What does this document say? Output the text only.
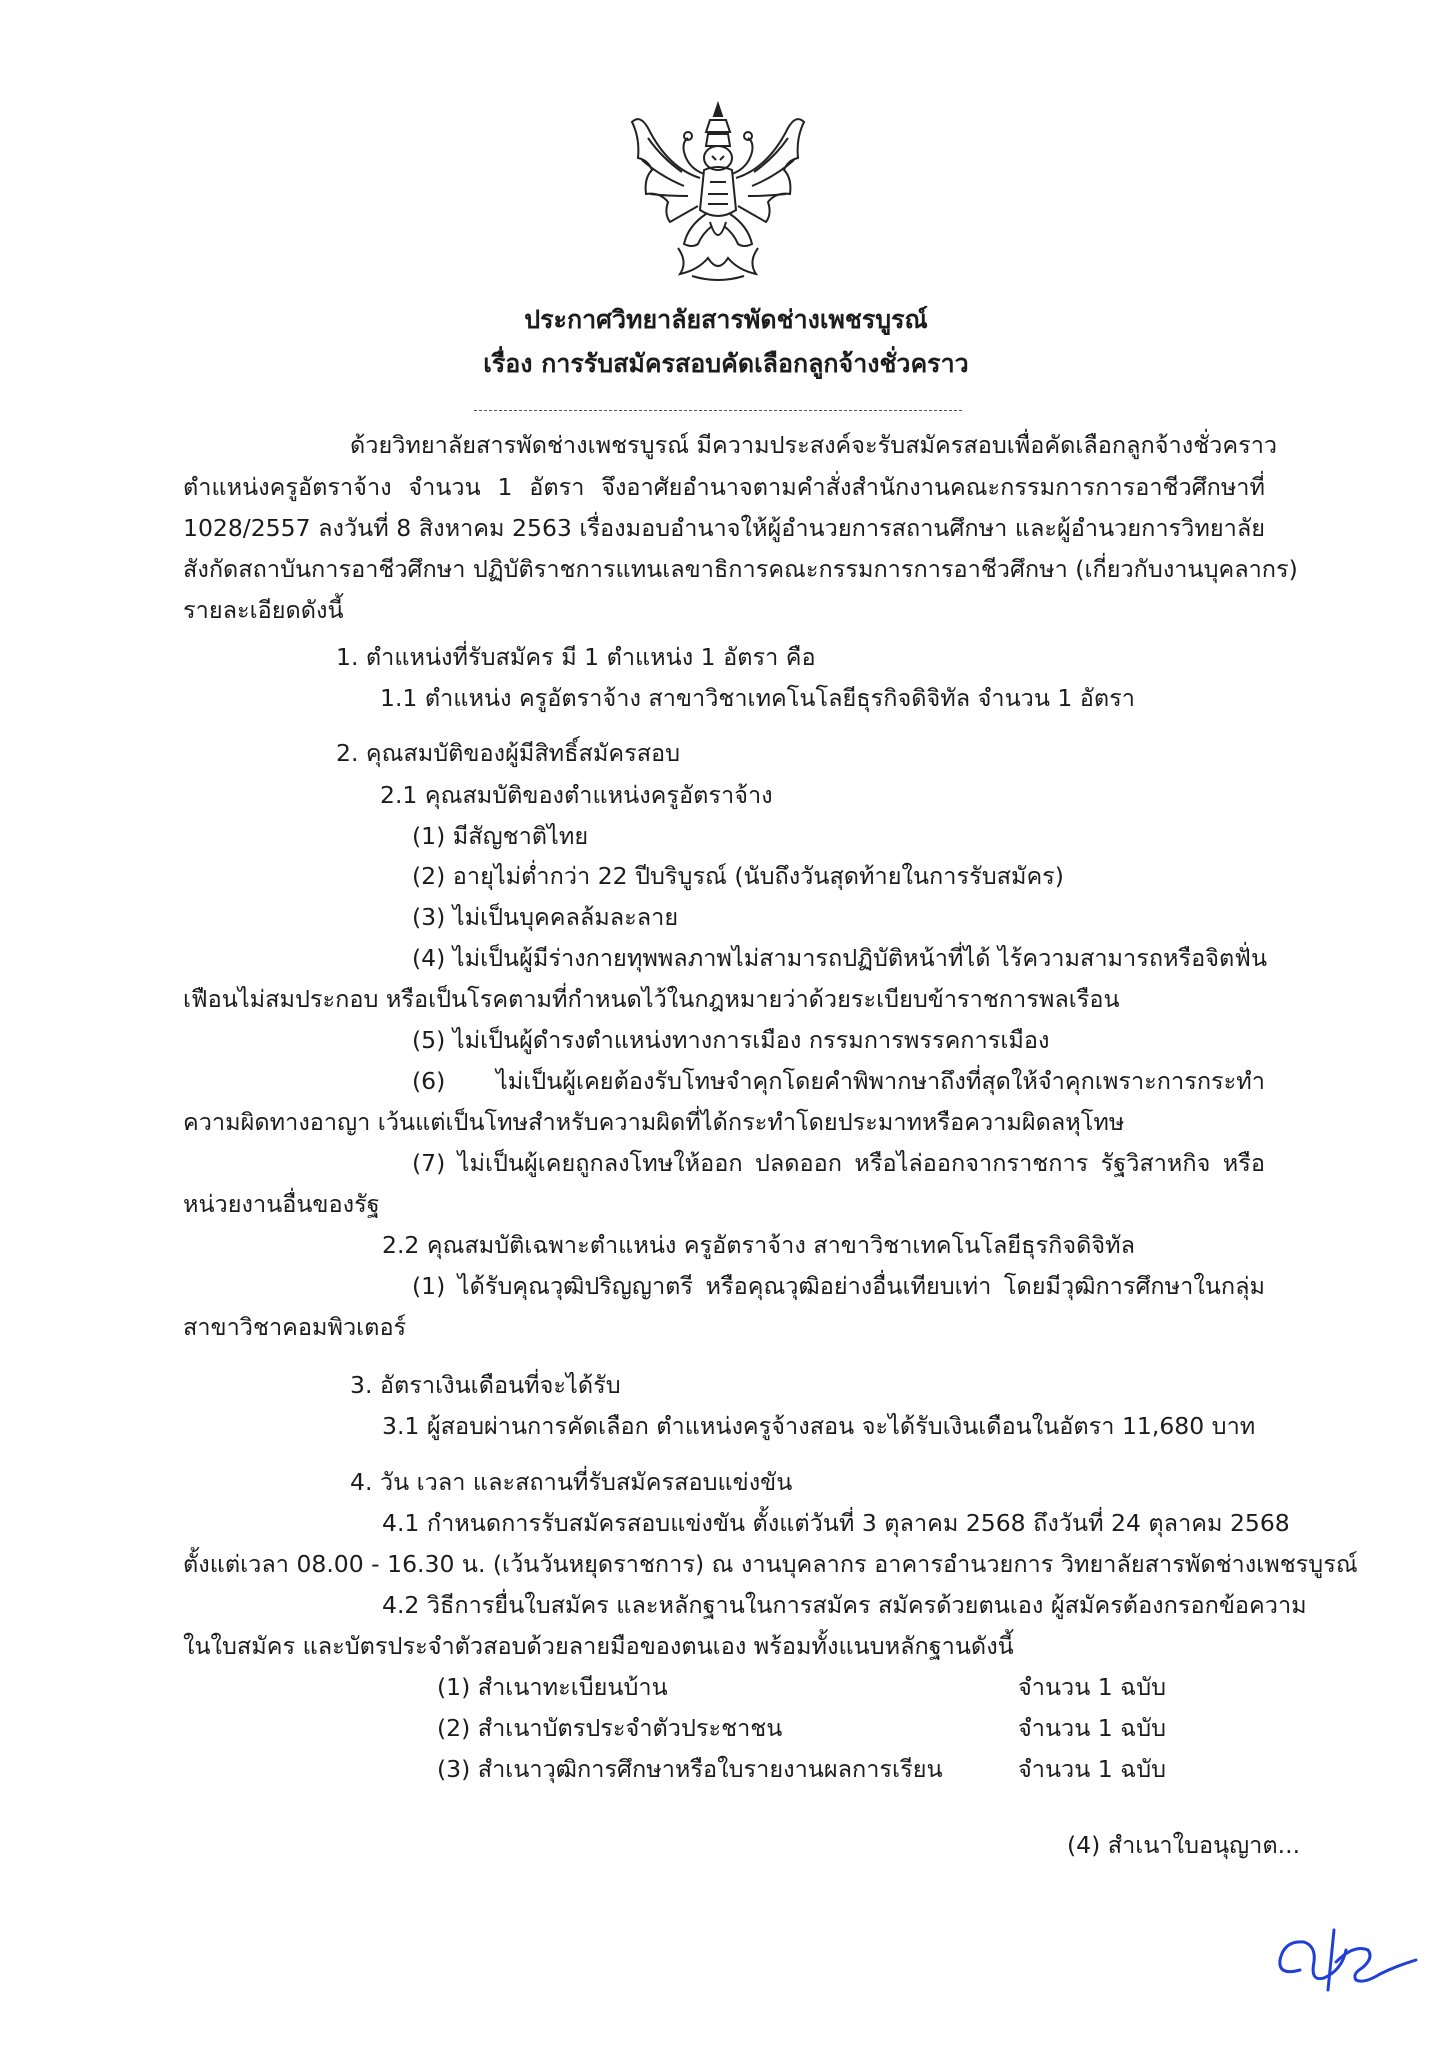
ประกาศวิทยาลัยสารพัดช่างเพชรบูรณ์
เรื่อง การรับสมัครสอบคัดเลือกลูกจ้างชั่วคราว
ด้วยวิทยาลัยสารพัดช่างเพชรบูรณ์ มีความประสงค์จะรับสมัครสอบเพื่อคัดเลือกลูกจ้างชั่วคราว
ตำแหน่งครูอัตราจ้าง จำนวน 1 อัตรา จึงอาศัยอำนาจตามคำสั่งสำนักงานคณะกรรมการการอาชีวศึกษาที่
1028/2557 ลงวันที่ 8 สิงหาคม 2563 เรื่องมอบอำนาจให้ผู้อำนวยการสถานศึกษา และผู้อำนวยการวิทยาลัย
สังกัดสถาบันการอาชีวศึกษา ปฏิบัติราชการแทนเลขาธิการคณะกรรมการการอาชีวศึกษา (เกี่ยวกับงานบุคลากร)
รายละเอียดดังนี้
1. ตำแหน่งที่รับสมัคร มี 1 ตำแหน่ง 1 อัตรา คือ
1.1 ตำแหน่ง ครูอัตราจ้าง สาขาวิชาเทคโนโลยีธุรกิจดิจิทัล จำนวน 1 อัตรา
2. คุณสมบัติของผู้มีสิทธิ์สมัครสอบ
2.1 คุณสมบัติของตำแหน่งครูอัตราจ้าง
(1) มีสัญชาติไทย
(2) อายุไม่ต่ำกว่า 22 ปีบริบูรณ์ (นับถึงวันสุดท้ายในการรับสมัคร)
(3) ไม่เป็นบุคคลล้มละลาย
(4) ไม่เป็นผู้มีร่างกายทุพพลภาพไม่สามารถปฏิบัติหน้าที่ได้ ไร้ความสามารถหรือจิตฟั่น
เฟือนไม่สมประกอบ หรือเป็นโรคตามที่กำหนดไว้ในกฎหมายว่าด้วยระเบียบข้าราชการพลเรือน
(5) ไม่เป็นผู้ดำรงตำแหน่งทางการเมือง กรรมการพรรคการเมือง
(6) ไม่เป็นผู้เคยต้องรับโทษจำคุกโดยคำพิพากษาถึงที่สุดให้จำคุกเพราะการกระทำ
ความผิดทางอาญา เว้นแต่เป็นโทษสำหรับความผิดที่ได้กระทำโดยประมาทหรือความผิดลหุโทษ
(7) ไม่เป็นผู้เคยถูกลงโทษให้ออก ปลดออก หรือไล่ออกจากราชการ รัฐวิสาหกิจ หรือ
หน่วยงานอื่นของรัฐ
2.2 คุณสมบัติเฉพาะตำแหน่ง ครูอัตราจ้าง สาขาวิชาเทคโนโลยีธุรกิจดิจิทัล
(1) ได้รับคุณวุฒิปริญญาตรี หรือคุณวุฒิอย่างอื่นเทียบเท่า โดยมีวุฒิการศึกษาในกลุ่ม
สาขาวิชาคอมพิวเตอร์
3. อัตราเงินเดือนที่จะได้รับ
3.1 ผู้สอบผ่านการคัดเลือก ตำแหน่งครูจ้างสอน จะได้รับเงินเดือนในอัตรา 11,680 บาท
4. วัน เวลา และสถานที่รับสมัครสอบแข่งขัน
4.1 กำหนดการรับสมัครสอบแข่งขัน ตั้งแต่วันที่ 3 ตุลาคม 2568 ถึงวันที่ 24 ตุลาคม 2568
ตั้งแต่เวลา 08.00 - 16.30 น. (เว้นวันหยุดราชการ) ณ งานบุคลากร อาคารอำนวยการ วิทยาลัยสารพัดช่างเพชรบูรณ์
4.2 วิธีการยื่นใบสมัคร และหลักฐานในการสมัคร สมัครด้วยตนเอง ผู้สมัครต้องกรอกข้อความ
ในใบสมัคร และบัตรประจำตัวสอบด้วยลายมือของตนเอง พร้อมทั้งแนบหลักฐานดังนี้
(1) สำเนาทะเบียนบ้าน	จำนวน 1 ฉบับ
(2) สำเนาบัตรประจำตัวประชาชน	จำนวน 1 ฉบับ
(3) สำเนาวุฒิการศึกษาหรือใบรายงานผลการเรียน	จำนวน 1 ฉบับ
(4) สำเนาใบอนุญาต...
